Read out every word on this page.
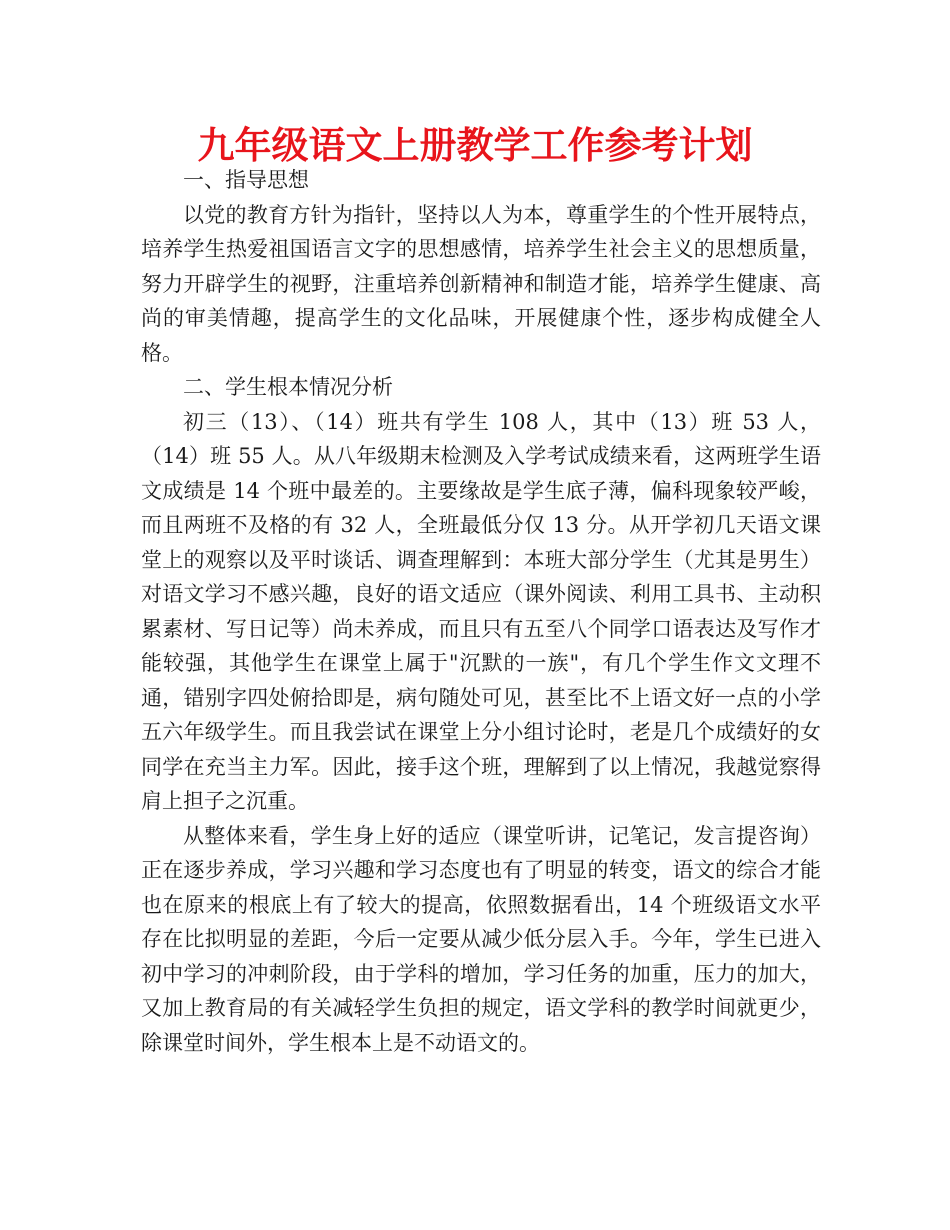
九年级语文上册教学工作参考计划

一、指导思想

以党的教育方针为指针，坚持以人为本，尊重学生的个性开展特点，培养学生热爱祖国语言文字的思想感情，培养学生社会主义的思想质量，努力开辟学生的视野，注重培养创新精神和制造才能，培养学生健康、高尚的审美情趣，提高学生的文化品味，开展健康个性，逐步构成健全人格。

二、学生根本情况分析

初三（13）、（14）班共有学生 108 人，其中（13）班 53 人，（14）班 55 人。从八年级期末检测及入学考试成绩来看，这两班学生语文成绩是 14 个班中最差的。主要缘故是学生底子薄，偏科现象较严峻，而且两班不及格的有 32 人，全班最低分仅 13 分。从开学初几天语文课堂上的观察以及平时谈话、调查理解到：本班大部分学生（尤其是男生）对语文学习不感兴趣，良好的语文适应（课外阅读、利用工具书、主动积累素材、写日记等）尚未养成，而且只有五至八个同学口语表达及写作才能较强，其他学生在课堂上属于"沉默的一族"，有几个学生作文文理不通，错别字四处俯拾即是，病句随处可见，甚至比不上语文好一点的小学五六年级学生。而且我尝试在课堂上分小组讨论时，老是几个成绩好的女同学在充当主力军。因此，接手这个班，理解到了以上情况，我越觉察得肩上担子之沉重。

从整体来看，学生身上好的适应（课堂听讲，记笔记，发言提咨询）正在逐步养成，学习兴趣和学习态度也有了明显的转变，语文的综合才能也在原来的根底上有了较大的提高，依照数据看出，14 个班级语文水平存在比拟明显的差距，今后一定要从减少低分层入手。今年，学生已进入初中学习的冲刺阶段，由于学科的增加，学习任务的加重，压力的加大，又加上教育局的有关减轻学生负担的规定，语文学科的教学时间就更少，除课堂时间外，学生根本上是不动语文的。
